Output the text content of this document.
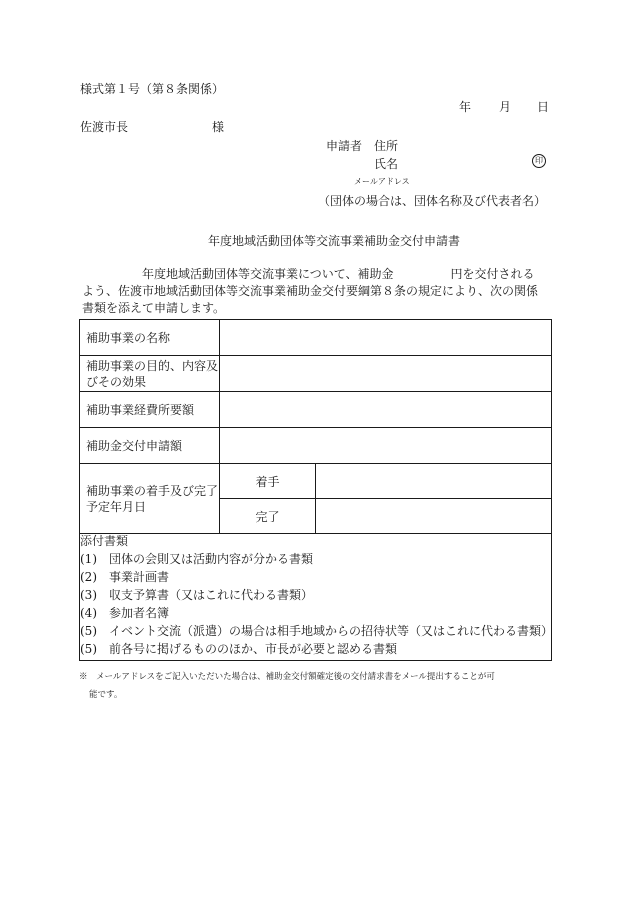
様式第１号（第８条関係）
年 月 日
佐渡市長	様
申請者 住所
氏名	印
メールアドレス
（団体の場合は、団体名称及び代表者名）
年度地域活動団体等交流事業補助金交付申請書
年度地域活動団体等交流事業について、補助金	円を交付される
よう、佐渡市地域活動団体等交流事業補助金交付要綱第８条の規定により、次の関係
書類を添えて申請します。
補助事業の名称		
補助事業の目的、内容及びその効果		
補助事業経費所要額		
補助金交付申請額		
補助事業の着手及び完了予定年月日	着手	
	完了	
添付書類
(1)　団体の会則又は活動内容が分かる書類
(2)　事業計画書
(3)　収支予算書（又はこれに代わる書類）
(4)　参加者名簿
(5)　イベント交流（派遣）の場合は相手地域からの招待状等（又はこれに代わる書類）
(5)　前各号に掲げるもののほか、市長が必要と認める書類
※　メールアドレスをご記入いただいた場合は、補助金交付額確定後の交付請求書をメール提出することが可
能です。
